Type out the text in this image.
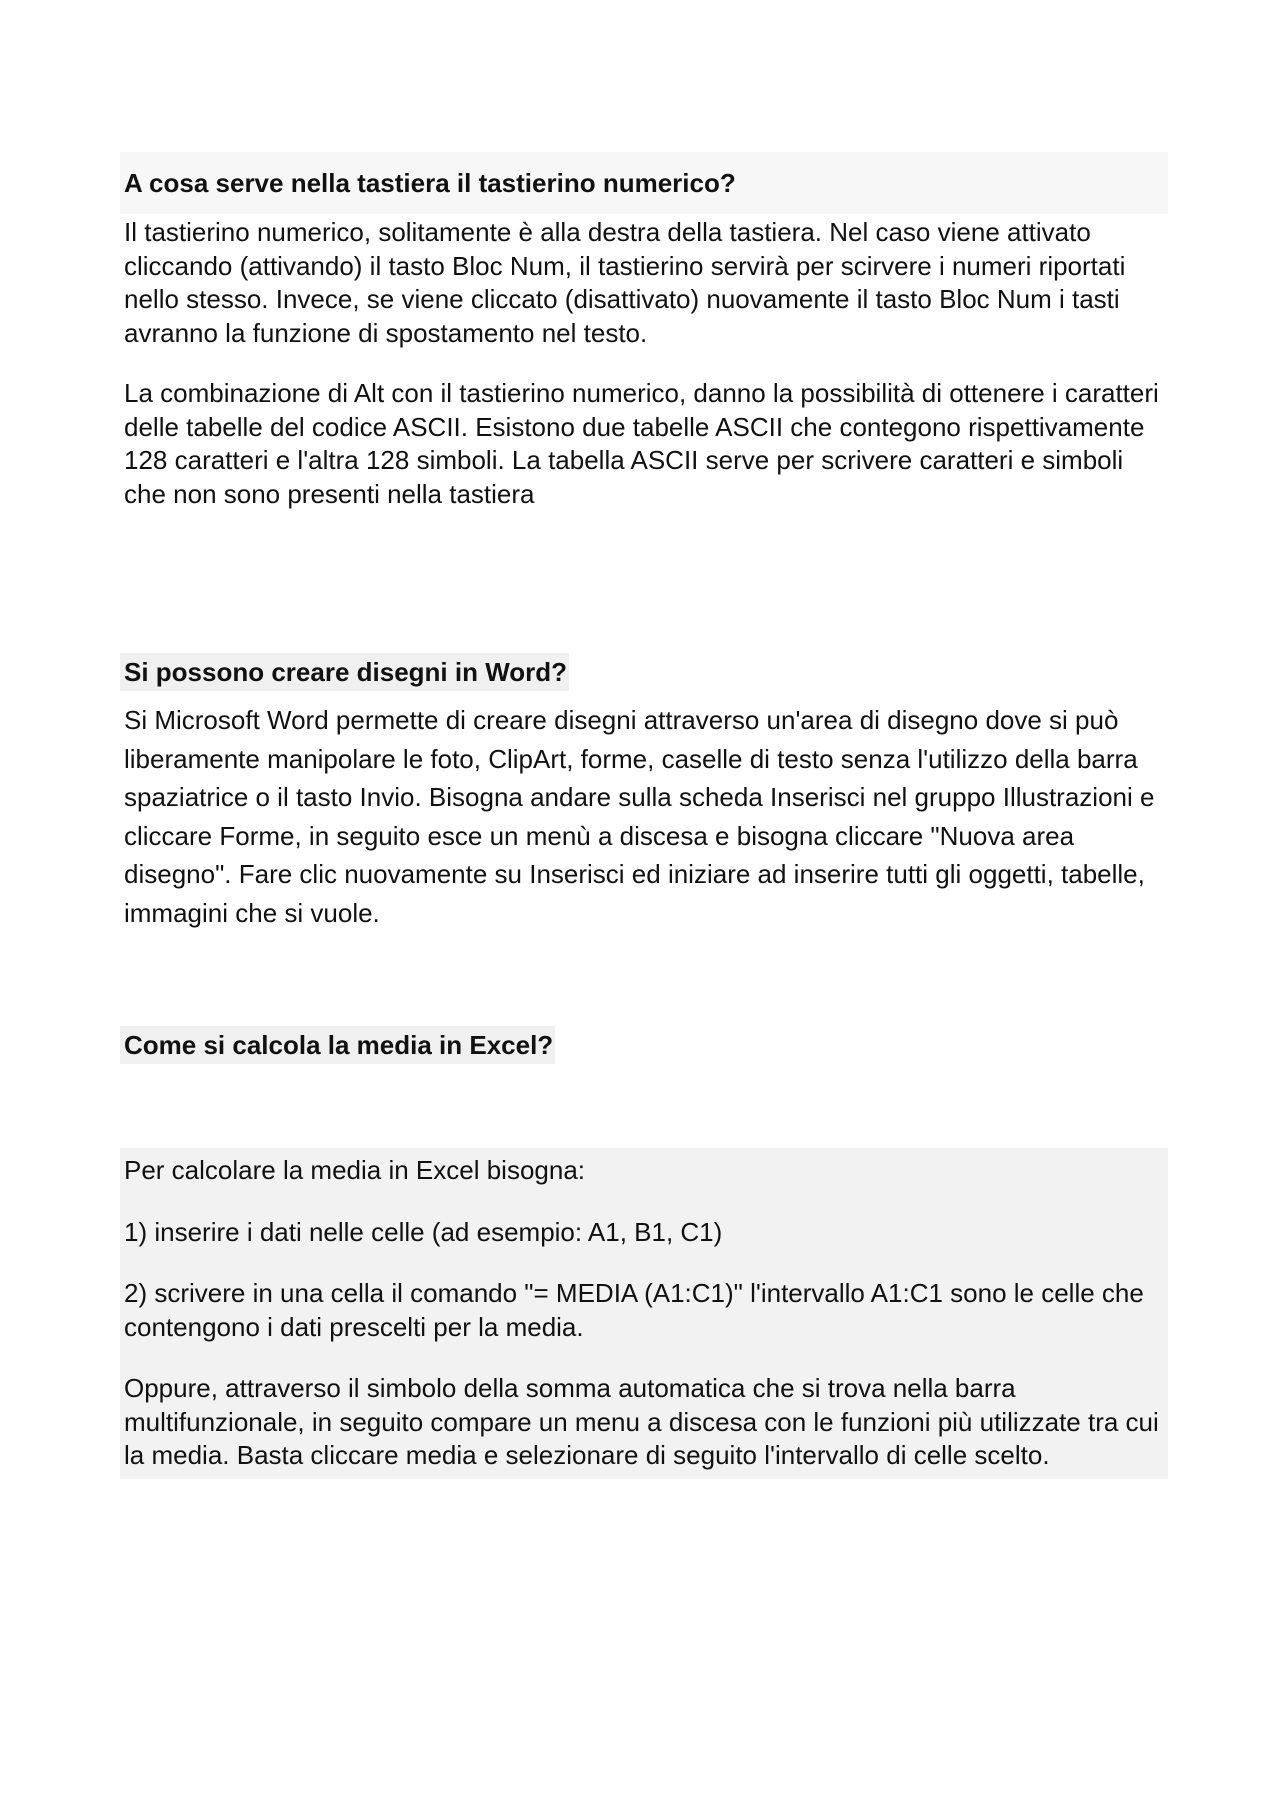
A cosa serve nella tastiera il tastierino numerico?

Il tastierino numerico, solitamente è alla destra della tastiera. Nel caso viene attivato cliccando (attivando) il tasto Bloc Num, il tastierino servirà per scirvere i numeri riportati nello stesso. Invece, se viene cliccato (disattivato) nuovamente il tasto Bloc Num i tasti avranno la funzione di spostamento nel testo.

La combinazione di Alt con il tastierino numerico, danno la possibilità di ottenere i caratteri delle tabelle del codice ASCII. Esistono due tabelle ASCII che contegono rispettivamente 128 caratteri e l'altra 128 simboli. La tabella ASCII serve per scrivere caratteri e simboli che non sono presenti nella tastiera

Si possono creare disegni in Word?

Si Microsoft Word permette di creare disegni attraverso un'area di disegno dove si può liberamente manipolare le foto, ClipArt, forme, caselle di testo senza l'utilizzo della barra spaziatrice o il tasto Invio. Bisogna andare sulla scheda Inserisci nel gruppo Illustrazioni e cliccare Forme, in seguito esce un menù a discesa e bisogna cliccare "Nuova area disegno". Fare clic nuovamente su Inserisci ed iniziare ad inserire tutti gli oggetti, tabelle, immagini che si vuole.

Come si calcola la media in Excel?

Per calcolare la media in Excel bisogna:

1) inserire i dati nelle celle (ad esempio: A1, B1, C1)

2) scrivere in una cella il comando "= MEDIA (A1:C1)" l'intervallo A1:C1 sono le celle che contengono i dati prescelti per la media.

Oppure, attraverso il simbolo della somma automatica che si trova nella barra multifunzionale, in seguito compare un menu a discesa con le funzioni più utilizzate tra cui la media. Basta cliccare media e selezionare di seguito l'intervallo di celle scelto.
